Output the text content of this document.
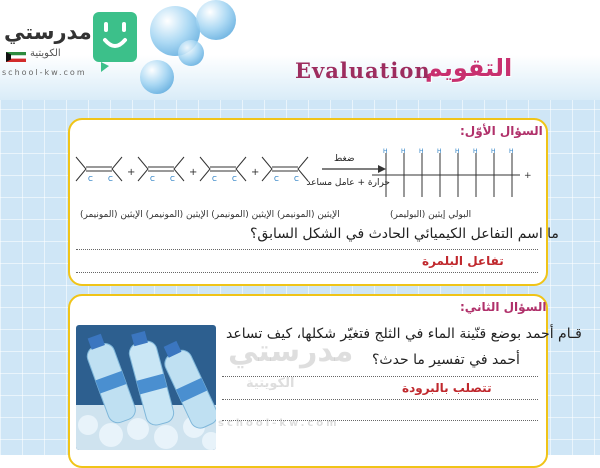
مدرستي
الكويتية
school-kw.com	التقويم
Evaluation
السؤال الأوّل:
C C	C C	C C	C C
+	+	+
ضغط
حرارة + عامل مساعد
+
H H H H H H H H
الإيثين (المونيمر) الإيثين (المونيمر) الإيثين (المونيمر) الإيثين (المونيمر)	البولي إيثين (البوليمر)
ما اسم التفاعل الكيميائي الحادث في الشكل السابق؟
تفاعل البلمرة
السؤال الثاني:
قـام أحمد بوضع قنّينة الماء في الثلج فتغيّر شكلها، كيف تساعد
أحمد في تفسير ما حدث؟
تتصلب بالبرودة
مدرستي
الكويتية
school-kw.com
